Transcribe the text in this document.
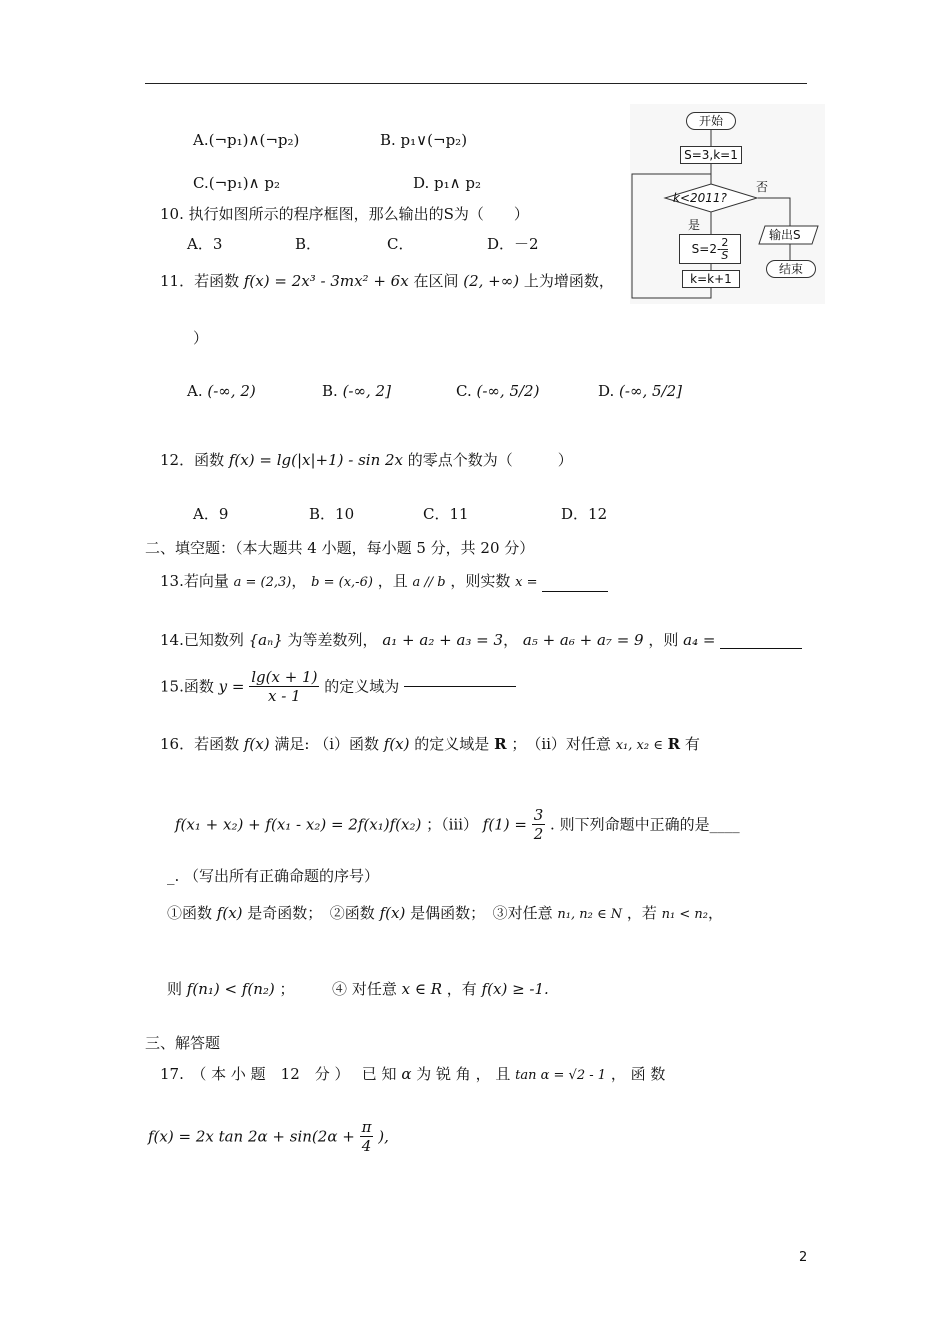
A.(¬p₁)∧(¬p₂)	B. p₁∨(¬p₂)
C.(¬p₁)∧ p₂	D. p₁∧ p₂
10. 执行如图所示的程序框图，那么输出的S为（　　）
A．3	B．	C．	D．－2
11．若函数 f(x) = 2x³ - 3mx² + 6x 在区间 (2, +∞) 上为增函数，
）
A. (-∞, 2)	B. (-∞, 2]	C. (-∞, 5/2)	D. (-∞, 5/2]
12．函数 f(x) = lg(|x|+1) - sin 2x 的零点个数为（　　　）
A．9	B．10	C．11	D．12
二、填空题：（本大题共 4 小题，每小题 5 分，共 20 分）
13.若向量 a = (2,3)， b = (x,-6) ，且 a // b ，则实数 x =
14.已知数列 {aₙ} 为等差数列， a₁ + a₂ + a₃ = 3， a₅ + a₆ + a₇ = 9 ，则 a₄ =
15.函数 $y = \frac{\lg(x + 1)}{x - 1}$ 的定义域为
16．若函数 f(x) 满足: （ⅰ）函数 f(x) 的定义域是 R ；　（ⅱ）对任意 x₁, x₂ ∈ R 有
f(x₁ + x₂) + f(x₁ - x₂) = 2f(x₁)f(x₂) ；（ⅲ） $f(1) = \frac{3}{2}$ . 则下列命题中正确的是____
_. （写出所有正确命题的序号）
①函数 f(x) 是奇函数；　②函数 f(x) 是偶函数；　③对任意 n₁, n₂ ∈ N ，若 n₁ < n₂，
则 f(n₁) < f(n₂) ；　　　④ 对任意 x ∈ R ，有 f(x) ≥ -1.
三、解答题
17.　（ 本 小 题　12　分 ）　 已 知 α 为 锐 角 ， 且 tan α = √2 - 1 ， 函 数
f(x) = 2x $\tan 2\alpha + \sin(2\alpha + \frac{\pi}{4}$ ),
开始
S=3,k=1
k<2011?
否
是
$S=2- \frac{2}{S}$
k=k+1
输出S
结束
2
